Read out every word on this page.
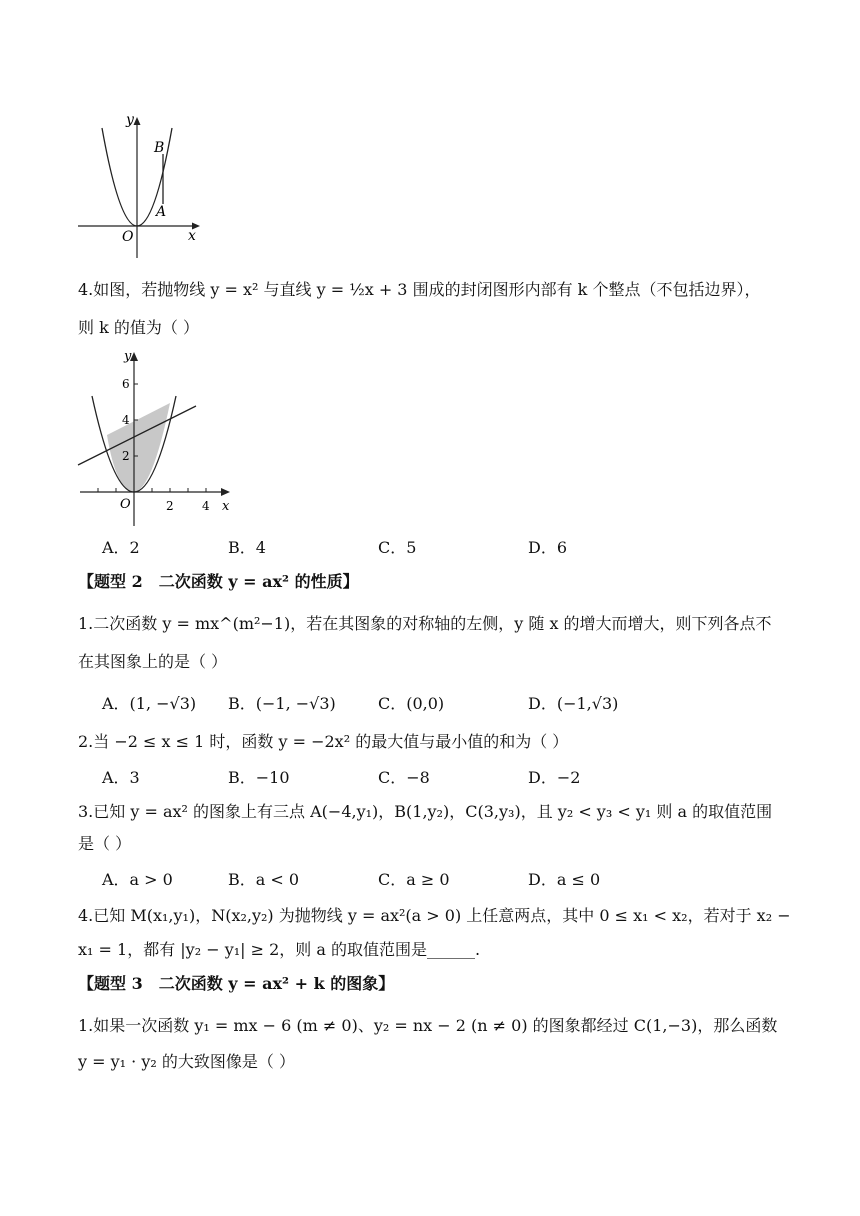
y
x
O
B
A
4.如图，若抛物线 y = x² 与直线 y = ½x + 3 围成的封闭图形内部有 k 个整点（不包括边界），
则 k 的值为（ ）
y
x
O
6
4
2
2 4
A．2	B．4	C．5	D．6
【题型 2　二次函数 y = ax² 的性质】
1.二次函数 y = mx^(m²−1)，若在其图象的对称轴的左侧，y 随 x 的增大而增大，则下列各点不
在其图象上的是（ ）
A．(1, −√3) B．(−1, −√3)	C．(0,0)	D．(−1,√3)
2.当 −2 ≤ x ≤ 1 时，函数 y = −2x² 的最大值与最小值的和为（ ）
A．3	B．−10	C．−8	D．−2
3.已知 y = ax² 的图象上有三点 A(−4,y₁)，B(1,y₂)，C(3,y₃)，且 y₂ < y₃ < y₁ 则 a 的取值范围
是（ ）
A．a > 0	B．a < 0	C．a ≥ 0	D．a ≤ 0
4.已知 M(x₁,y₁)，N(x₂,y₂) 为抛物线 y = ax²(a > 0) 上任意两点，其中 0 ≤ x₁ < x₂，若对于 x₂ −
x₁ = 1，都有 |y₂ − y₁| ≥ 2，则 a 的取值范围是______.
【题型 3　二次函数 y = ax² + k 的图象】
1.如果一次函数 y₁ = mx − 6 (m ≠ 0)、y₂ = nx − 2 (n ≠ 0) 的图象都经过 C(1,−3)，那么函数
y = y₁ · y₂ 的大致图像是（ ）
